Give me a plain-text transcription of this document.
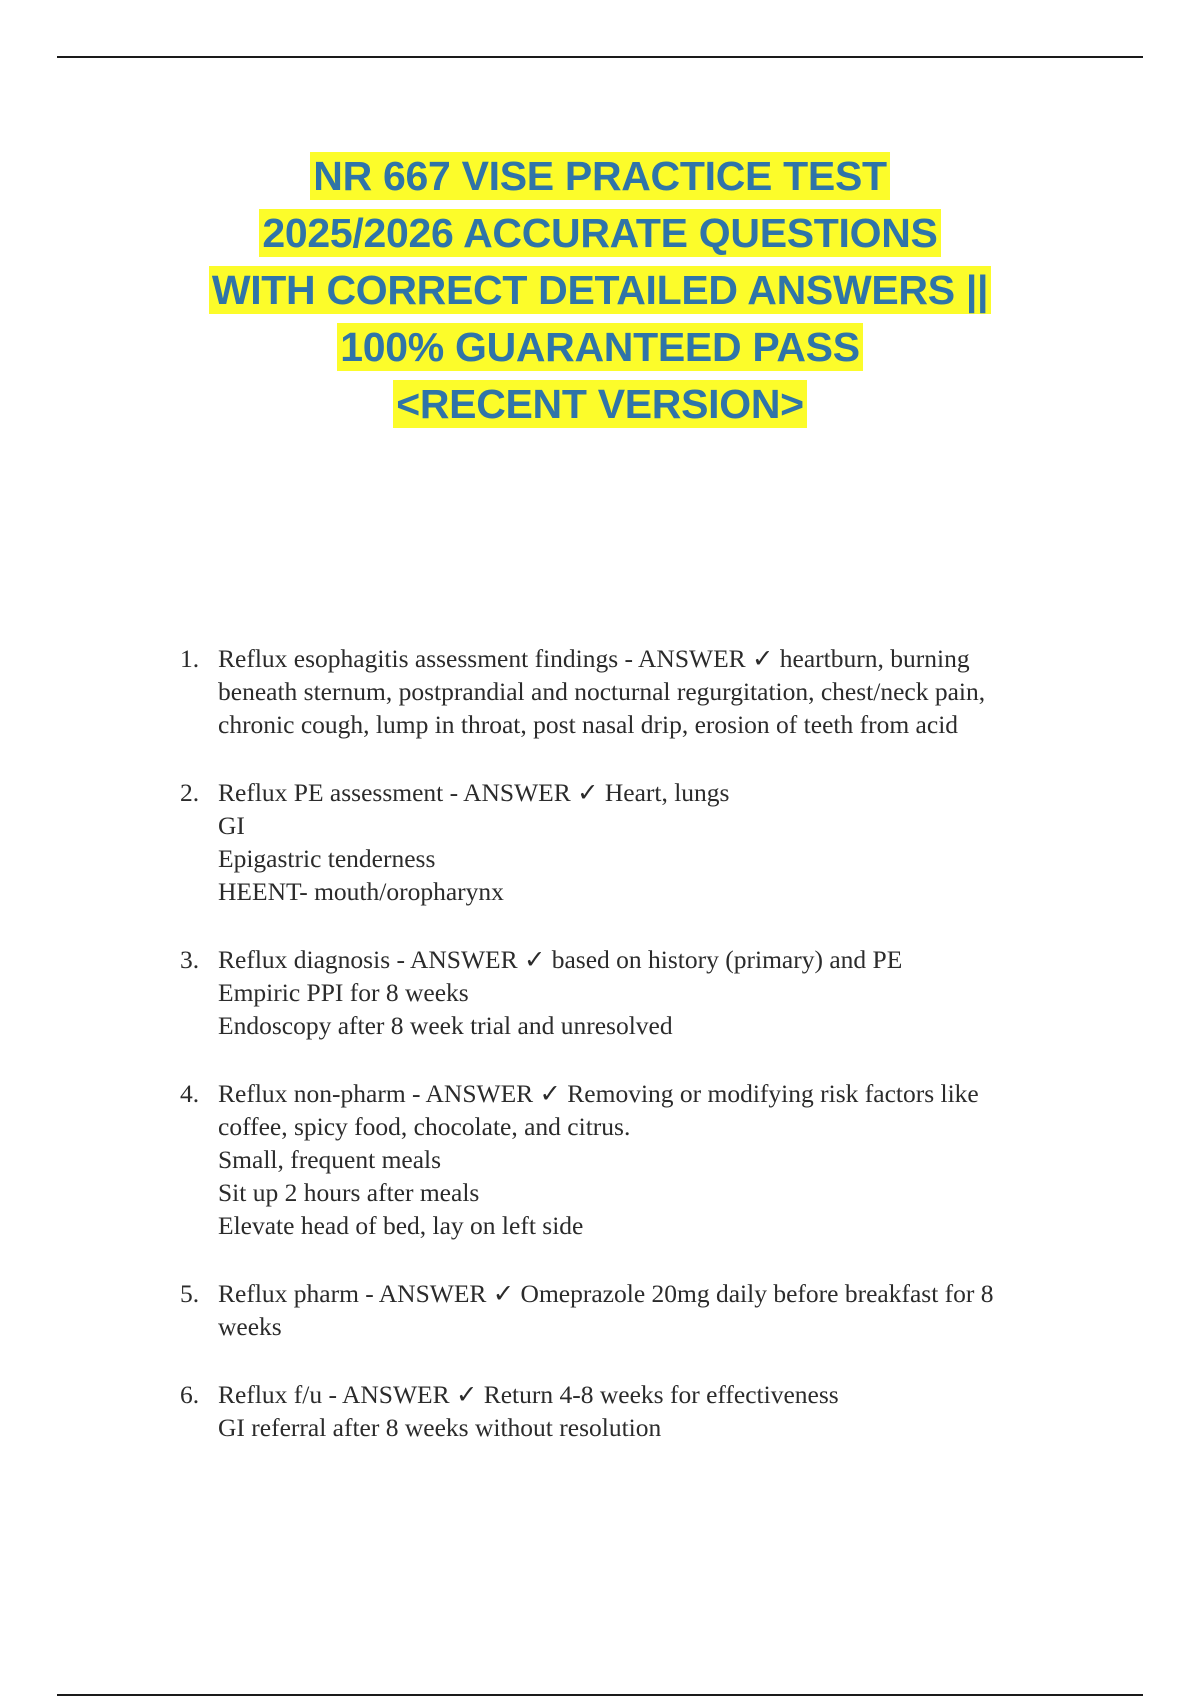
NR 667 VISE PRACTICE TEST
2025/2026 ACCURATE QUESTIONS
WITH CORRECT DETAILED ANSWERS ||
100% GUARANTEED PASS
<RECENT VERSION>
1. Reflux esophagitis assessment findings - ANSWER ✓ heartburn, burning
beneath sternum, postprandial and nocturnal regurgitation, chest/neck pain,
chronic cough, lump in throat, post nasal drip, erosion of teeth from acid
2. Reflux PE assessment - ANSWER ✓ Heart, lungs
GI
Epigastric tenderness
HEENT- mouth/oropharynx
3. Reflux diagnosis - ANSWER ✓ based on history (primary) and PE
Empiric PPI for 8 weeks
Endoscopy after 8 week trial and unresolved
4. Reflux non-pharm - ANSWER ✓ Removing or modifying risk factors like
coffee, spicy food, chocolate, and citrus.
Small, frequent meals
Sit up 2 hours after meals
Elevate head of bed, lay on left side
5. Reflux pharm - ANSWER ✓ Omeprazole 20mg daily before breakfast for 8
weeks
6. Reflux f/u - ANSWER ✓ Return 4-8 weeks for effectiveness
GI referral after 8 weeks without resolution
